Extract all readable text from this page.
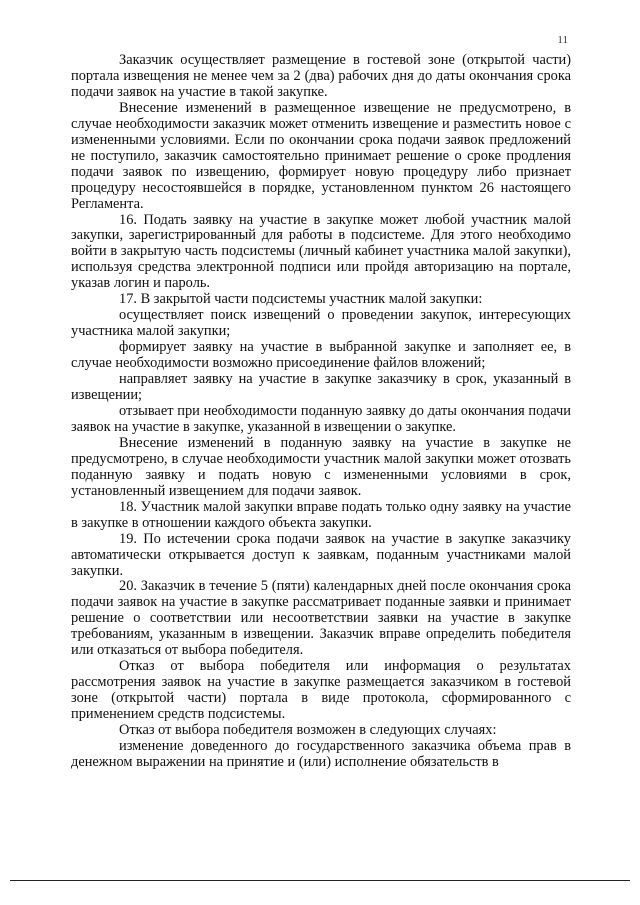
11

Заказчик осуществляет размещение в гостевой зоне (открытой части) портала извещения не менее чем за 2 (два) рабочих дня до даты окончания срока подачи заявок на участие в такой закупке.

Внесение изменений в размещенное извещение не предусмотрено, в случае необходимости заказчик может отменить извещение и разместить новое с измененными условиями. Если по окончании срока подачи заявок предложений не поступило, заказчик самостоятельно принимает решение о сроке продления подачи заявок по извещению, формирует новую процедуру либо признает процедуру несостоявшейся в порядке, установленном пунктом 26 настоящего Регламента.

16. Подать заявку на участие в закупке может любой участник малой закупки, зарегистрированный для работы в подсистеме. Для этого необходимо войти в закрытую часть подсистемы (личный кабинет участника малой закупки), используя средства электронной подписи или пройдя авторизацию на портале, указав логин и пароль.

17. В закрытой части подсистемы участник малой закупки:

осуществляет поиск извещений о проведении закупок, интересующих участника малой закупки;

формирует заявку на участие в выбранной закупке и заполняет ее, в случае необходимости возможно присоединение файлов вложений;

направляет заявку на участие в закупке заказчику в срок, указанный в извещении;

отзывает при необходимости поданную заявку до даты окончания подачи заявок на участие в закупке, указанной в извещении о закупке.

Внесение изменений в поданную заявку на участие в закупке не предусмотрено, в случае необходимости участник малой закупки может отозвать поданную заявку и подать новую с измененными условиями в срок, установленный извещением для подачи заявок.

18. Участник малой закупки вправе подать только одну заявку на участие в закупке в отношении каждого объекта закупки.

19. По истечении срока подачи заявок на участие в закупке заказчику автоматически открывается доступ к заявкам, поданным участниками малой закупки.

20. Заказчик в течение 5 (пяти) календарных дней после окончания срока подачи заявок на участие в закупке рассматривает поданные заявки и принимает решение о соответствии или несоответствии заявки на участие в закупке требованиям, указанным в извещении. Заказчик вправе определить победителя или отказаться от выбора победителя.

Отказ от выбора победителя или информация о результатах рассмотрения заявок на участие в закупке размещается заказчиком в гостевой зоне (открытой части) портала в виде протокола, сформированного с применением средств подсистемы.

Отказ от выбора победителя возможен в следующих случаях:

изменение доведенного до государственного заказчика объема прав в денежном выражении на принятие и (или) исполнение обязательств в
